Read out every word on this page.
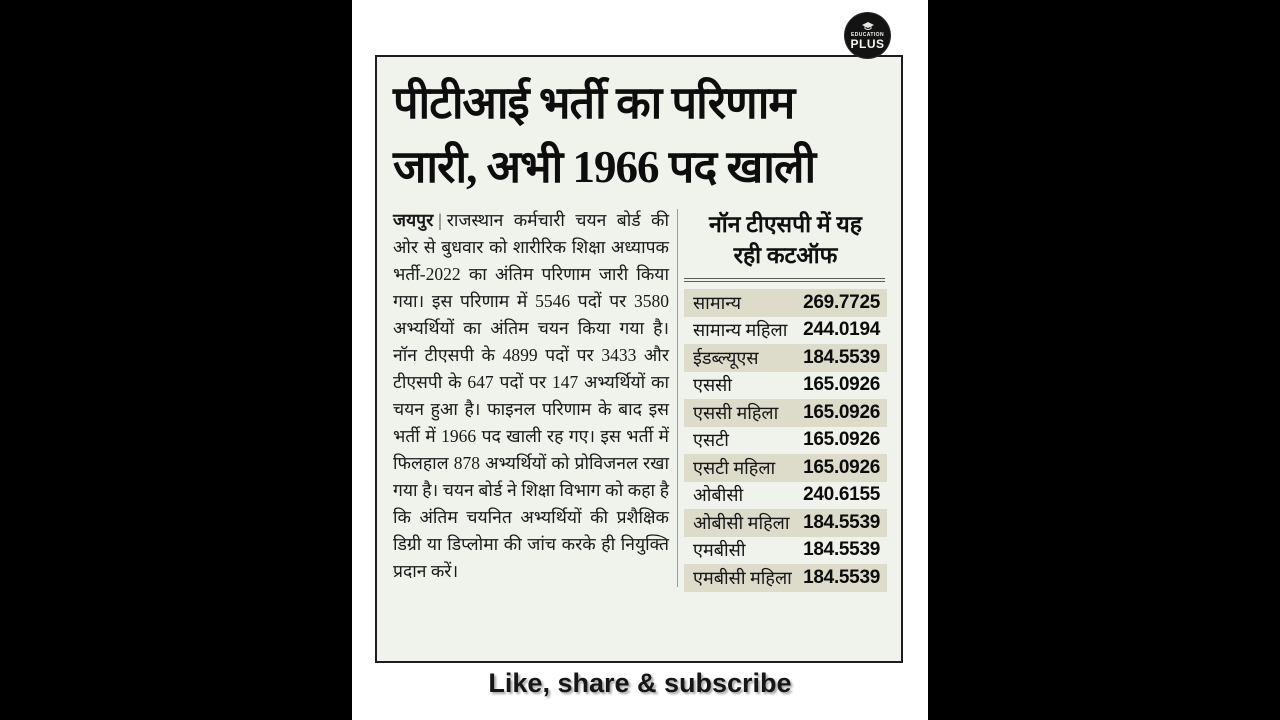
EDUCATION
PLUS
पीटीआई भर्ती का परिणाम
जारी, अभी 1966 पद खाली
जयपुर | राजस्थान कर्मचारी चयन बोर्ड की ओर से बुधवार को शारीरिक शिक्षा अध्यापक भर्ती-2022 का अंतिम परिणाम जारी किया गया। इस परिणाम में 5546 पदों पर 3580 अभ्यर्थियों का अंतिम चयन किया गया है। नॉन टीएसपी के 4899 पदों पर 3433 और टीएसपी के 647 पदों पर 147 अभ्यर्थियों का चयन हुआ है। फाइनल परिणाम के बाद इस भर्ती में 1966 पद खाली रह गए। इस भर्ती में फिलहाल 878 अभ्यर्थियों को प्रोविजनल रखा गया है। चयन बोर्ड ने शिक्षा विभाग को कहा है कि अंतिम चयनित अभ्यर्थियों की प्रशैक्षिक डिग्री या डिप्लोमा की जांच करके ही नियुक्ति प्रदान करें।
नॉन टीएसपी में यह
रही कटऑफ
सामान्य	269.7725
सामान्य महिला 244.0194
ईडब्ल्यूएस 184.5539
एससी	165.0926
एससी महिला 165.0926
एसटी	165.0926
एसटी महिला 165.0926
ओबीसी	240.6155
ओबीसी महिला 184.5539
एमबीसी	184.5539
एमबीसी महिला 184.5539
Like, share & subscribe
